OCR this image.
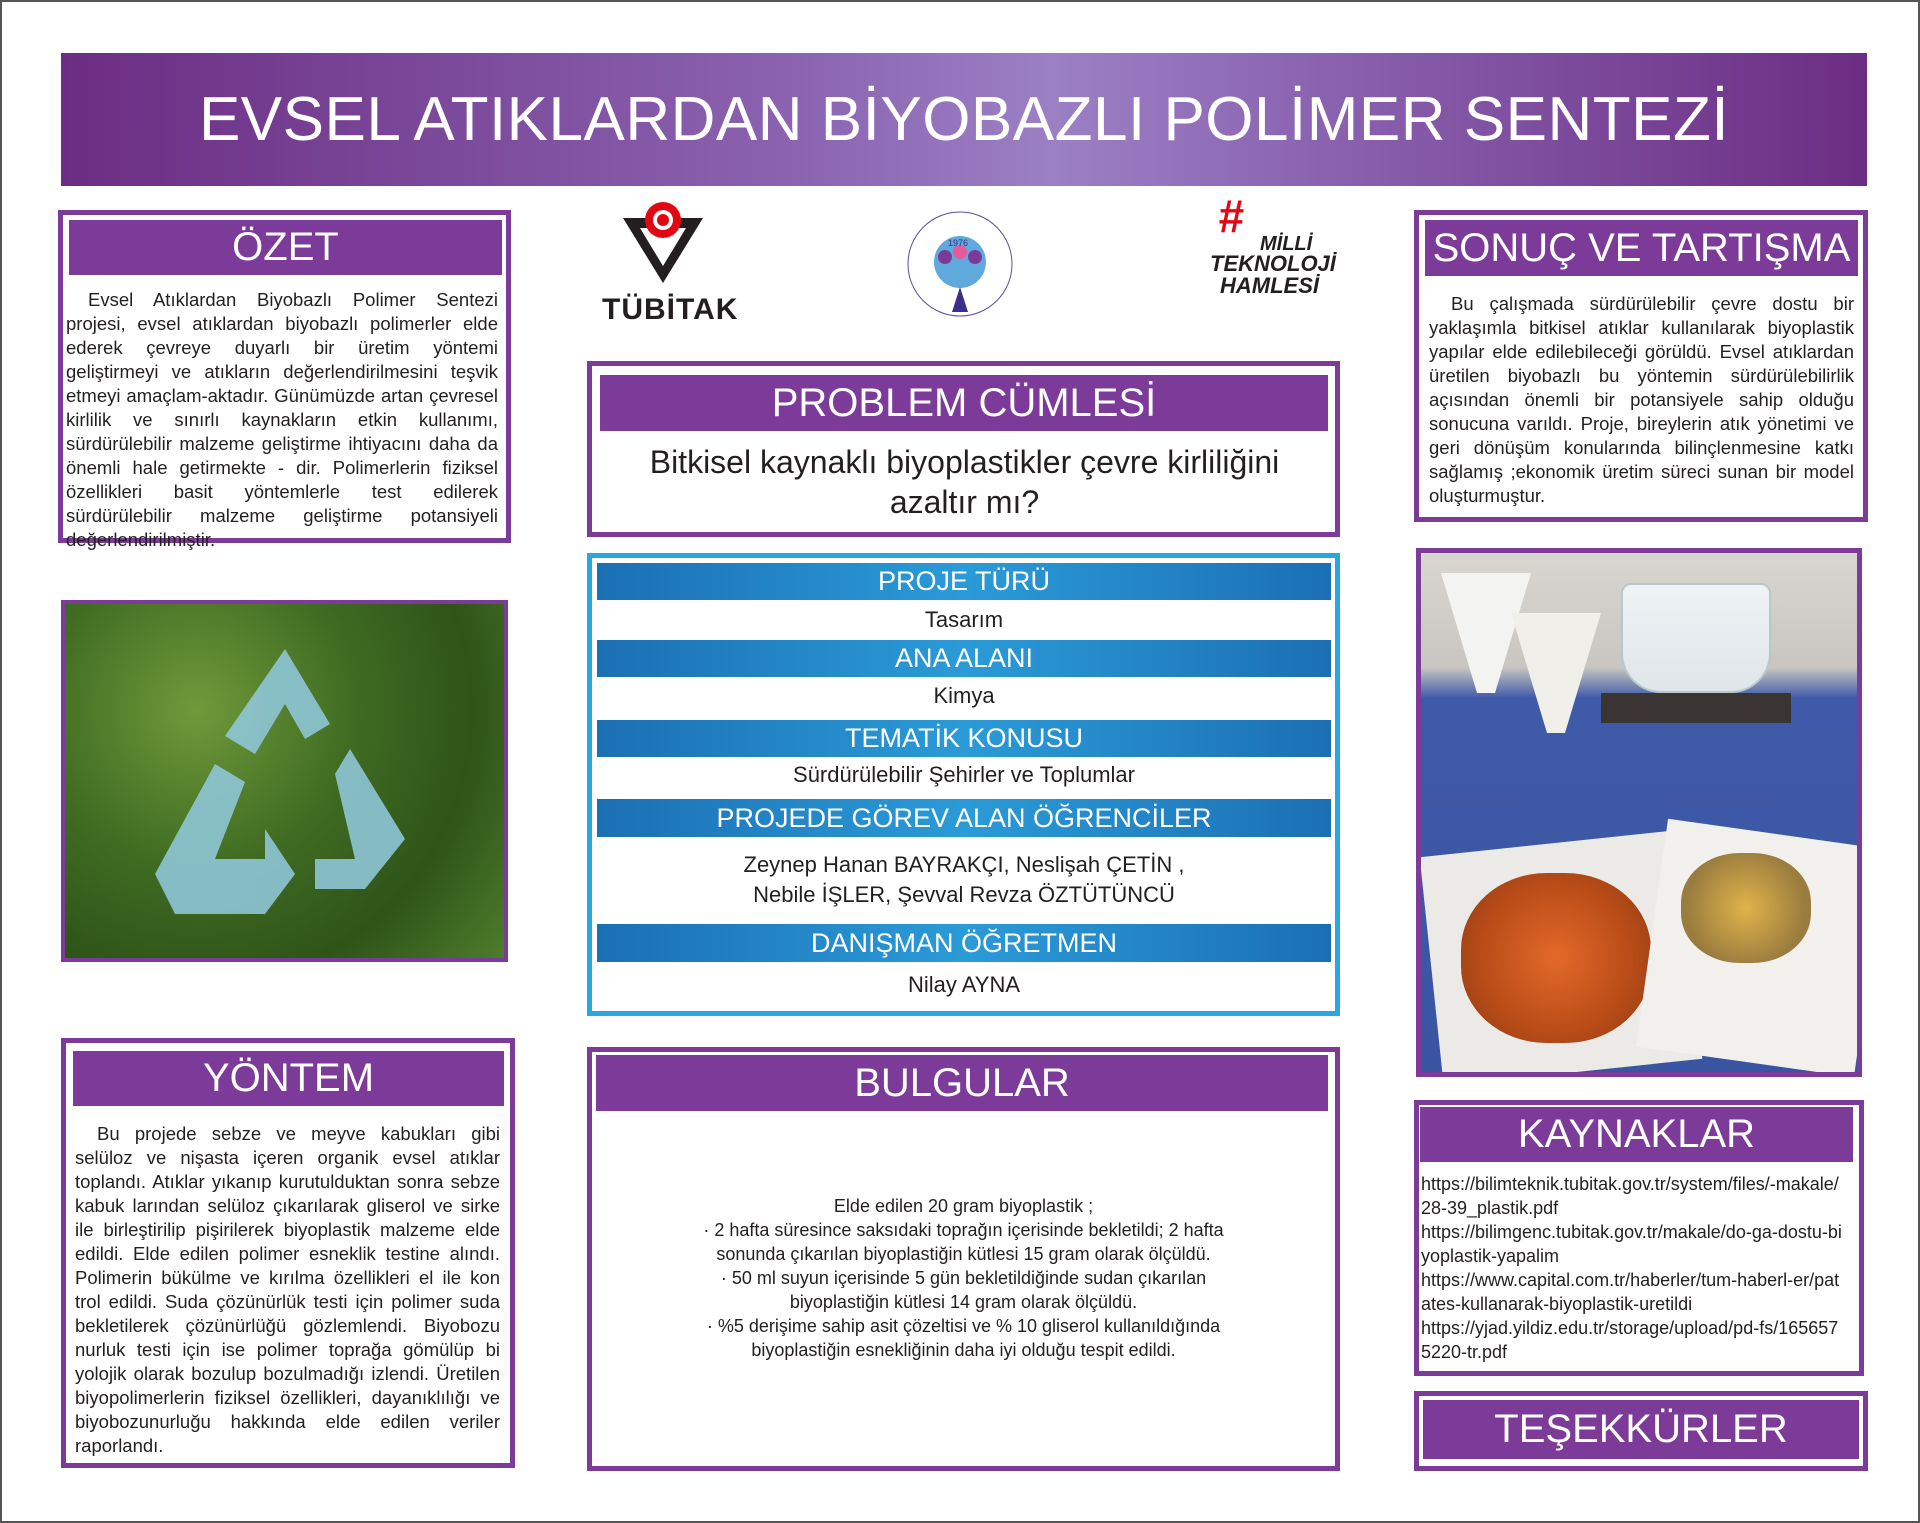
EVSEL ATIKLARDAN BİYOBAZLI POLİMER SENTEZİ
ÖZET
Evsel Atıklardan Biyobazlı Polimer Sentezi projesi, evsel atıklardan biyobazlı polimerler elde ederek çevreye duyarlı bir üretim yöntemi geliştirmeyi ve atıkların değerlendirilmesini teşvik etmeyi amaçlam-aktadır. Günümüzde artan çevresel kirlilik ve sınırlı kaynakların etkin kullanımı, sürdürülebilir malzeme geliştirme ihtiyacını daha da önemli hale getirmekte - dir. Polimerlerin fiziksel özellikleri basit yöntemlerle test edilerek sürdürülebilir malzeme geliştirme potansiyeli değerlendirilmiştir.
YÖNTEM
Bu projede sebze ve meyve kabukları gibi selüloz ve nişasta içeren organik evsel atıklar toplandı. Atıklar yıkanıp kurutulduktan sonra sebze kabuk larından selüloz çıkarılarak gliserol ve sirke ile birleştirilip pişirilerek biyoplastik malzeme elde edildi. Elde edilen polimer esneklik testine alındı. Polimerin bükülme ve kırılma özellikleri el ile kon trol edildi. Suda çözünürlük testi için polimer suda bekletilerek çözünürlüğü gözlemlendi. Biyobozu nurluk testi için ise polimer toprağa gömülüp bi yolojik olarak bozulup bozulmadığı izlendi. Üretilen biyopolimerlerin fiziksel özellikleri, dayanıklılığı ve biyobozunurluğu hakkında elde edilen veriler raporlandı.
TÜBİTAK
1976
#
MİLLİ
TEKNOLOJİ
HAMLESİ
PROBLEM CÜMLESİ
Bitkisel kaynaklı biyoplastikler çevre kirliliğini azaltır mı?
PROJE TÜRÜ
Tasarım
ANA ALANI
Kimya
TEMATİK KONUSU
Sürdürülebilir Şehirler ve Toplumlar
PROJEDE GÖREV ALAN ÖĞRENCİLER
Zeynep Hanan BAYRAKÇI, Neslişah ÇETİN ,
Nebile İŞLER, Şevval Revza ÖZTÜTÜNCÜ
DANIŞMAN ÖĞRETMEN
Nilay AYNA
BULGULAR
Elde edilen 20 gram biyoplastik ;
· 2 hafta süresince saksıdaki toprağın içerisinde bekletildi; 2 hafta
sonunda çıkarılan biyoplastiğin kütlesi 15 gram olarak ölçüldü.
· 50 ml suyun içerisinde 5 gün bekletildiğinde sudan çıkarılan
biyoplastiğin kütlesi 14 gram olarak ölçüldü.
· %5 derişime sahip asit çözeltisi ve % 10 gliserol kullanıldığında
biyoplastiğin esnekliğinin daha iyi olduğu tespit edildi.
SONUÇ VE TARTIŞMA
Bu çalışmada sürdürülebilir çevre dostu bir yaklaşımla bitkisel atıklar kullanılarak biyoplastik yapılar elde edilebileceği görüldü. Evsel atıklardan üretilen biyobazlı bu yöntemin sürdürülebilirlik açısından önemli bir potansiyele sahip olduğu sonucuna varıldı. Proje, bireylerin atık yönetimi ve geri dönüşüm konularında bilinçlenmesine katkı sağlamış ;ekonomik üretim süreci sunan bir model oluşturmuştur.
KAYNAKLAR
https://bilimteknik.tubitak.gov.tr/system/files/-makale/28-39_plastik.pdf
https://bilimgenc.tubitak.gov.tr/makale/do-ga-dostu-biyoplastik-yapalim
https://www.capital.com.tr/haberler/tum-haberl-er/patates-kullanarak-biyoplastik-uretildi
https://yjad.yildiz.edu.tr/storage/upload/pd-fs/1656575220-tr.pdf
TEŞEKKÜRLER
